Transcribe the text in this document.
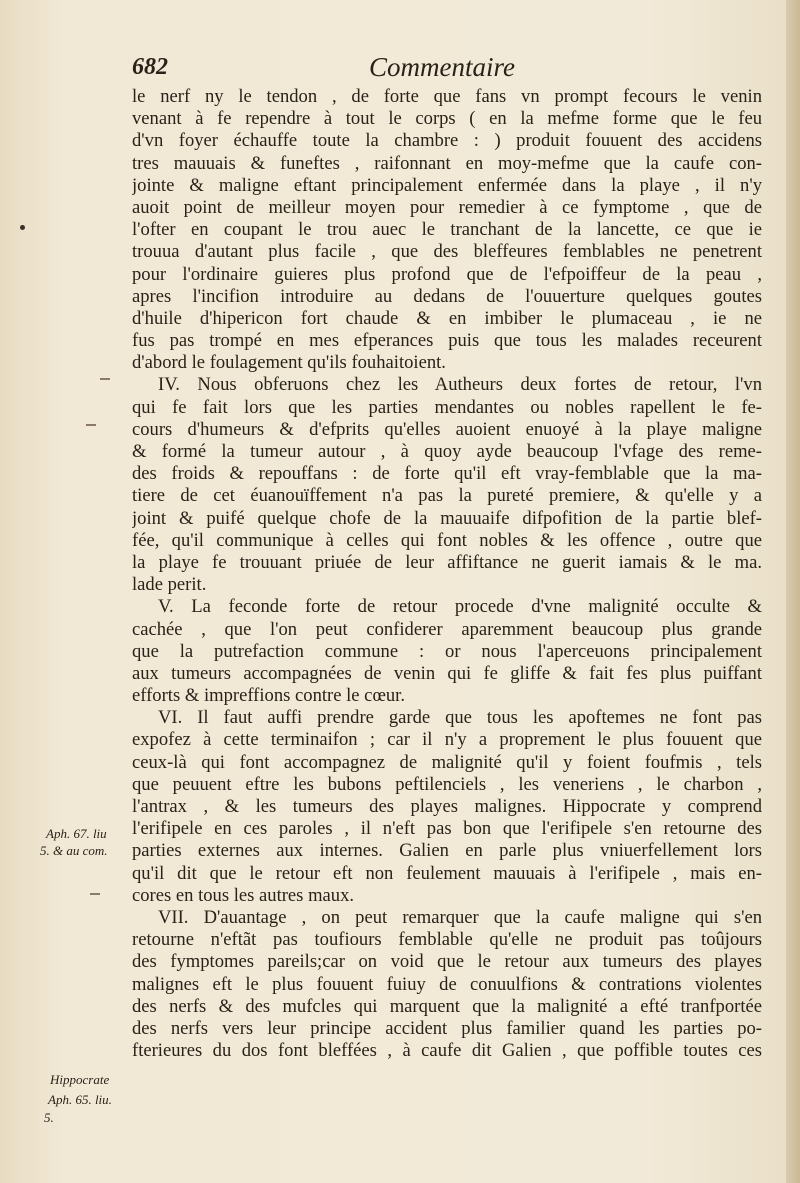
682	Commentaire
le nerf ny le tendon , de forte que fans vn prompt fecours le venin
venant à fe rependre à tout le corps ( en la mefme forme que le feu
d'vn foyer échauffe toute la chambre : ) produit fouuent des accidens
tres mauuais & funeftes , raifonnant en moy-mefme que la caufe con-
jointe & maligne eftant principalement enfermée dans la playe , il n'y
auoit point de meilleur moyen pour remedier à ce fymptome , que de
l'ofter en coupant le trou auec le tranchant de la lancette, ce que ie
trouua d'autant plus facile , que des bleffeures femblables ne penetrent
pour l'ordinaire guieres plus profond que de l'efpoiffeur de la peau ,
apres l'incifion introduire au dedans de l'ouuerture quelques goutes
d'huile d'hipericon fort chaude & en imbiber le plumaceau , ie ne
fus pas trompé en mes efperances puis que tous les malades receurent
d'abord le foulagement qu'ils fouhaitoient.
IV. Nous obferuons chez les Autheurs deux fortes de retour, l'vn
qui fe fait lors que les parties mendantes ou nobles rapellent le fe-
cours d'humeurs & d'efprits qu'elles auoient enuoyé à la playe maligne
& formé la tumeur autour , à quoy ayde beaucoup l'vfage des reme-
des froids & repouffans : de forte qu'il eft vray-femblable que la ma-
tiere de cet éuanouïffement n'a pas la pureté premiere, & qu'elle y a
joint & puifé quelque chofe de la mauuaife difpofition de la partie blef-
fée, qu'il communique à celles qui font nobles & les offence , outre que
la playe fe trouuant priuée de leur affiftance ne guerit iamais & le ma.
lade perit.
V. La feconde forte de retour procede d'vne malignité occulte &
cachée , que l'on peut confiderer aparemment beaucoup plus grande
que la putrefaction commune : or nous l'aperceuons principalement
aux tumeurs accompagnées de venin qui fe gliffe & fait fes plus puiffant
efforts & impreffions contre le cœur.
VI. Il faut auffi prendre garde que tous les apoftemes ne font pas
expofez à cette terminaifon ; car il n'y a proprement le plus fouuent que
ceux-là qui font accompagnez de malignité qu'il y foient foufmis , tels
que peuuent eftre les bubons peftilenciels , les veneriens , le charbon ,
l'antrax , & les tumeurs des playes malignes. Hippocrate y comprend
l'erifipele en ces paroles , il n'eft pas bon que l'erifipele s'en retourne des
parties externes aux internes. Galien en parle plus vniuerfellement lors
qu'il dit que le retour eft non feulement mauuais à l'erifipele , mais en-
cores en tous les autres maux.
VII. D'auantage , on peut remarquer que la caufe maligne qui s'en
retourne n'eftãt pas toufiours femblable qu'elle ne produit pas toûjours
des fymptomes pareils;car on void que le retour aux tumeurs des playes
malignes eft le plus fouuent fuiuy de conuulfions & contrations violentes
des nerfs & des mufcles qui marquent que la malignité a efté tranfportée
des nerfs vers leur principe accident plus familier quand les parties po-
fterieures du dos font bleffées , à caufe dit Galien , que poffible toutes ces
Aph. 67. liu
5. & au com.
Hippocrate
Aph. 65. liu.
5.
